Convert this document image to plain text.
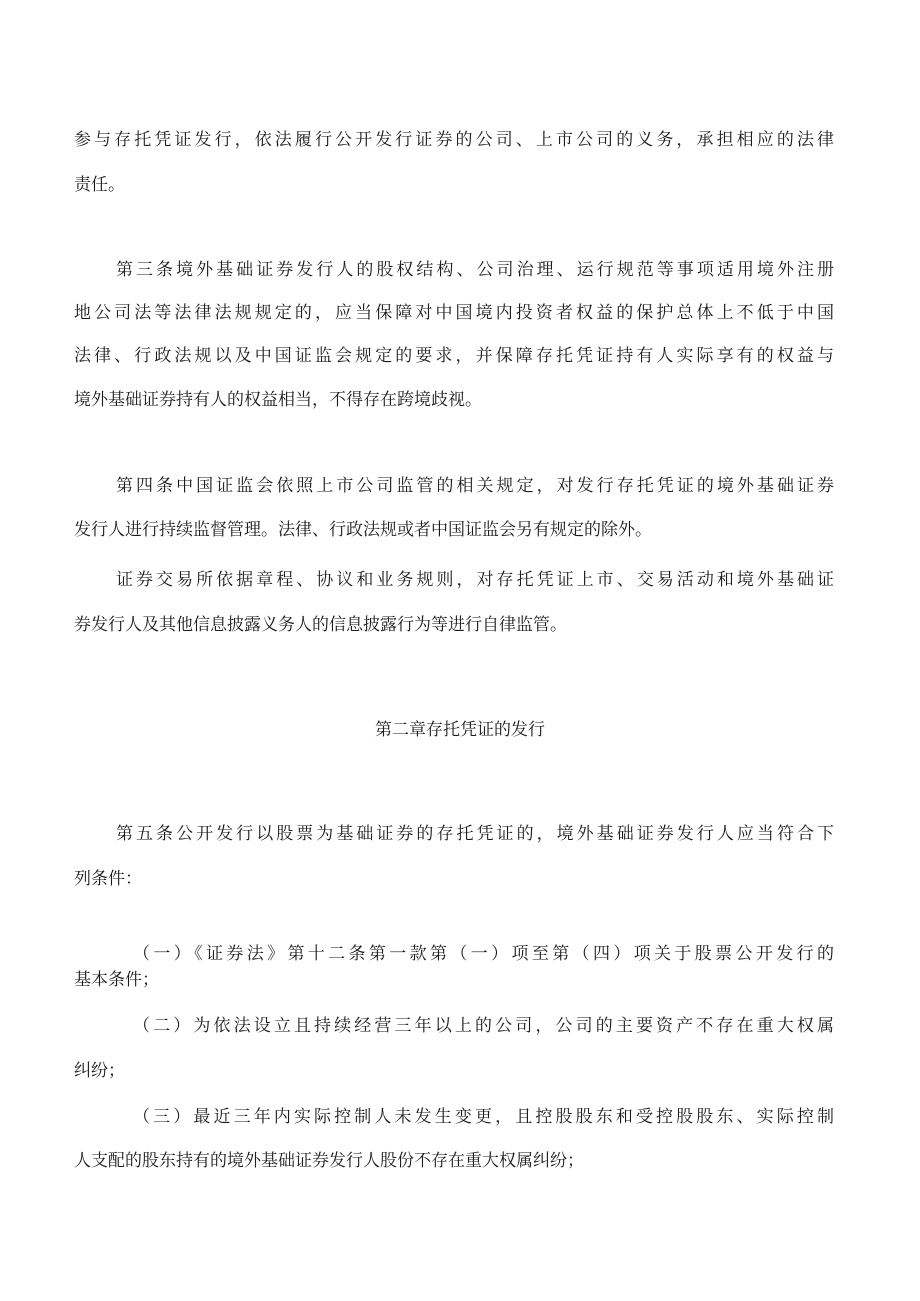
参与存托凭证发行，依法履行公开发行证券的公司、上市公司的义务，承担相应的法律
责任。
第三条境外基础证券发行人的股权结构、公司治理、运行规范等事项适用境外注册
地公司法等法律法规规定的，应当保障对中国境内投资者权益的保护总体上不低于中国
法律、行政法规以及中国证监会规定的要求，并保障存托凭证持有人实际享有的权益与
境外基础证券持有人的权益相当，不得存在跨境歧视。
第四条中国证监会依照上市公司监管的相关规定，对发行存托凭证的境外基础证券
发行人进行持续监督管理。法律、行政法规或者中国证监会另有规定的除外。
证券交易所依据章程、协议和业务规则，对存托凭证上市、交易活动和境外基础证
券发行人及其他信息披露义务人的信息披露行为等进行自律监管。
第二章存托凭证的发行
第五条公开发行以股票为基础证券的存托凭证的，境外基础证券发行人应当符合下
列条件：
（一）《证券法》第十二条第一款第（一）项至第（四）项关于股票公开发行的
基本条件；
（二）为依法设立且持续经营三年以上的公司，公司的主要资产不存在重大权属
纠纷；
（三）最近三年内实际控制人未发生变更，且控股股东和受控股股东、实际控制
人支配的股东持有的境外基础证券发行人股份不存在重大权属纠纷；
